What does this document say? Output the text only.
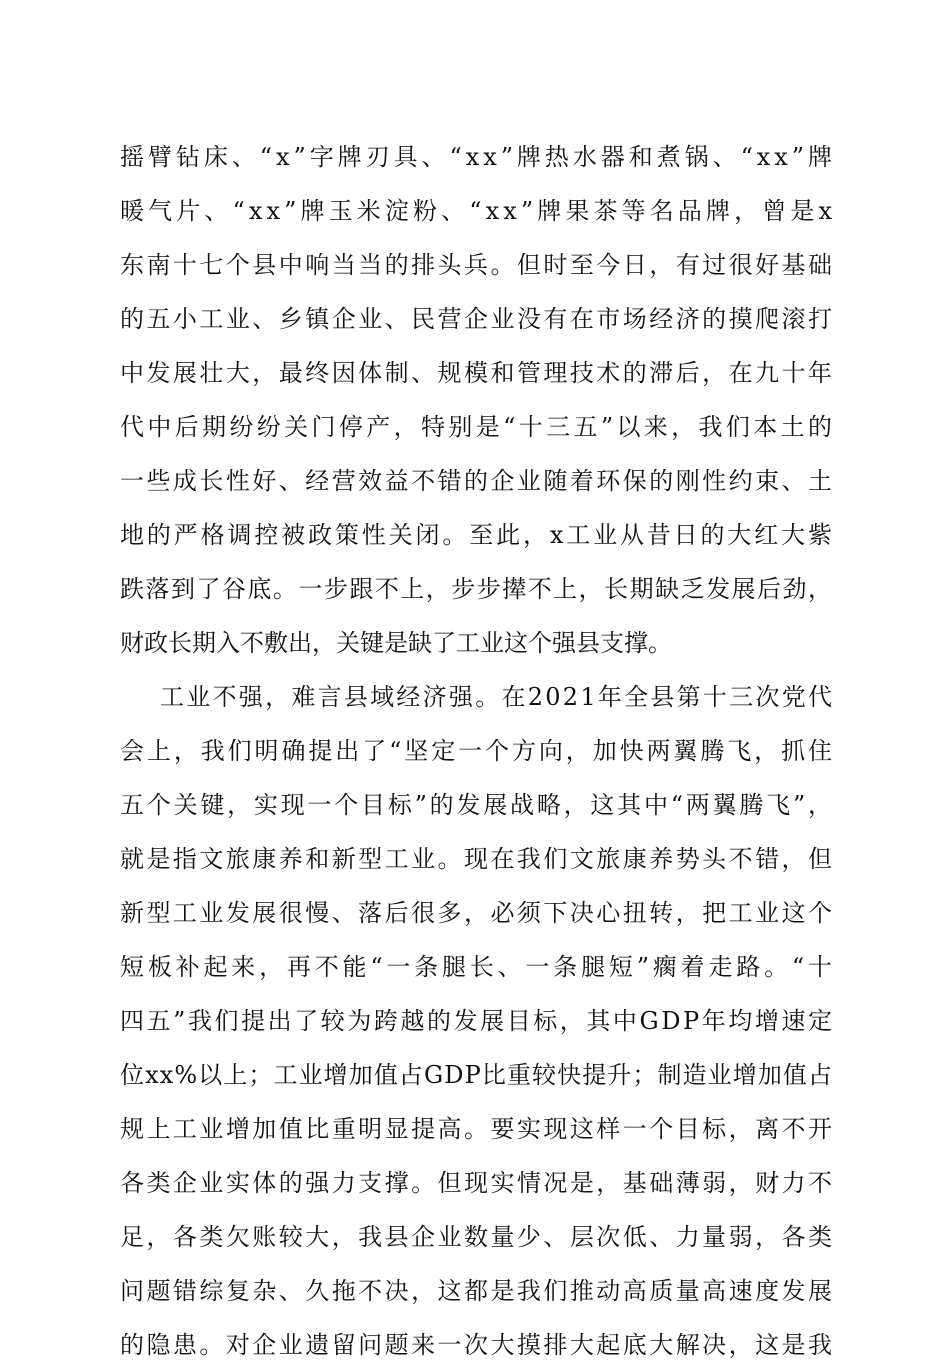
摇臂钻床、“x”字牌刃具、“xx”牌热水器和煮锅、“xx”牌
暖气片、“xx”牌玉米淀粉、“xx”牌果茶等名品牌，曾是x
东南十七个县中响当当的排头兵。但时至今日，有过很好基础
的五小工业、乡镇企业、民营企业没有在市场经济的摸爬滚打
中发展壮大，最终因体制、规模和管理技术的滞后，在九十年
代中后期纷纷关门停产，特别是“十三五”以来，我们本土的
一些成长性好、经营效益不错的企业随着环保的刚性约束、土
地的严格调控被政策性关闭。至此，x工业从昔日的大红大紫
跌落到了谷底。一步跟不上，步步撵不上，长期缺乏发展后劲，
财政长期入不敷出，关键是缺了工业这个强县支撑。
工业不强，难言县域经济强。在2021年全县第十三次党代
会上，我们明确提出了“坚定一个方向，加快两翼腾飞，抓住
五个关键，实现一个目标”的发展战略，这其中“两翼腾飞”，
就是指文旅康养和新型工业。现在我们文旅康养势头不错，但
新型工业发展很慢、落后很多，必须下决心扭转，把工业这个
短板补起来，再不能“一条腿长、一条腿短”瘸着走路。“十
四五”我们提出了较为跨越的发展目标，其中GDP年均增速定
位xx%以上；工业增加值占GDP比重较快提升；制造业增加值占
规上工业增加值比重明显提高。要实现这样一个目标，离不开
各类企业实体的强力支撑。但现实情况是，基础薄弱，财力不
足，各类欠账较大，我县企业数量少、层次低、力量弱，各类
问题错综复杂、久拖不决，这都是我们推动高质量高速度发展
的隐患。对企业遗留问题来一次大摸排大起底大解决，这是我
